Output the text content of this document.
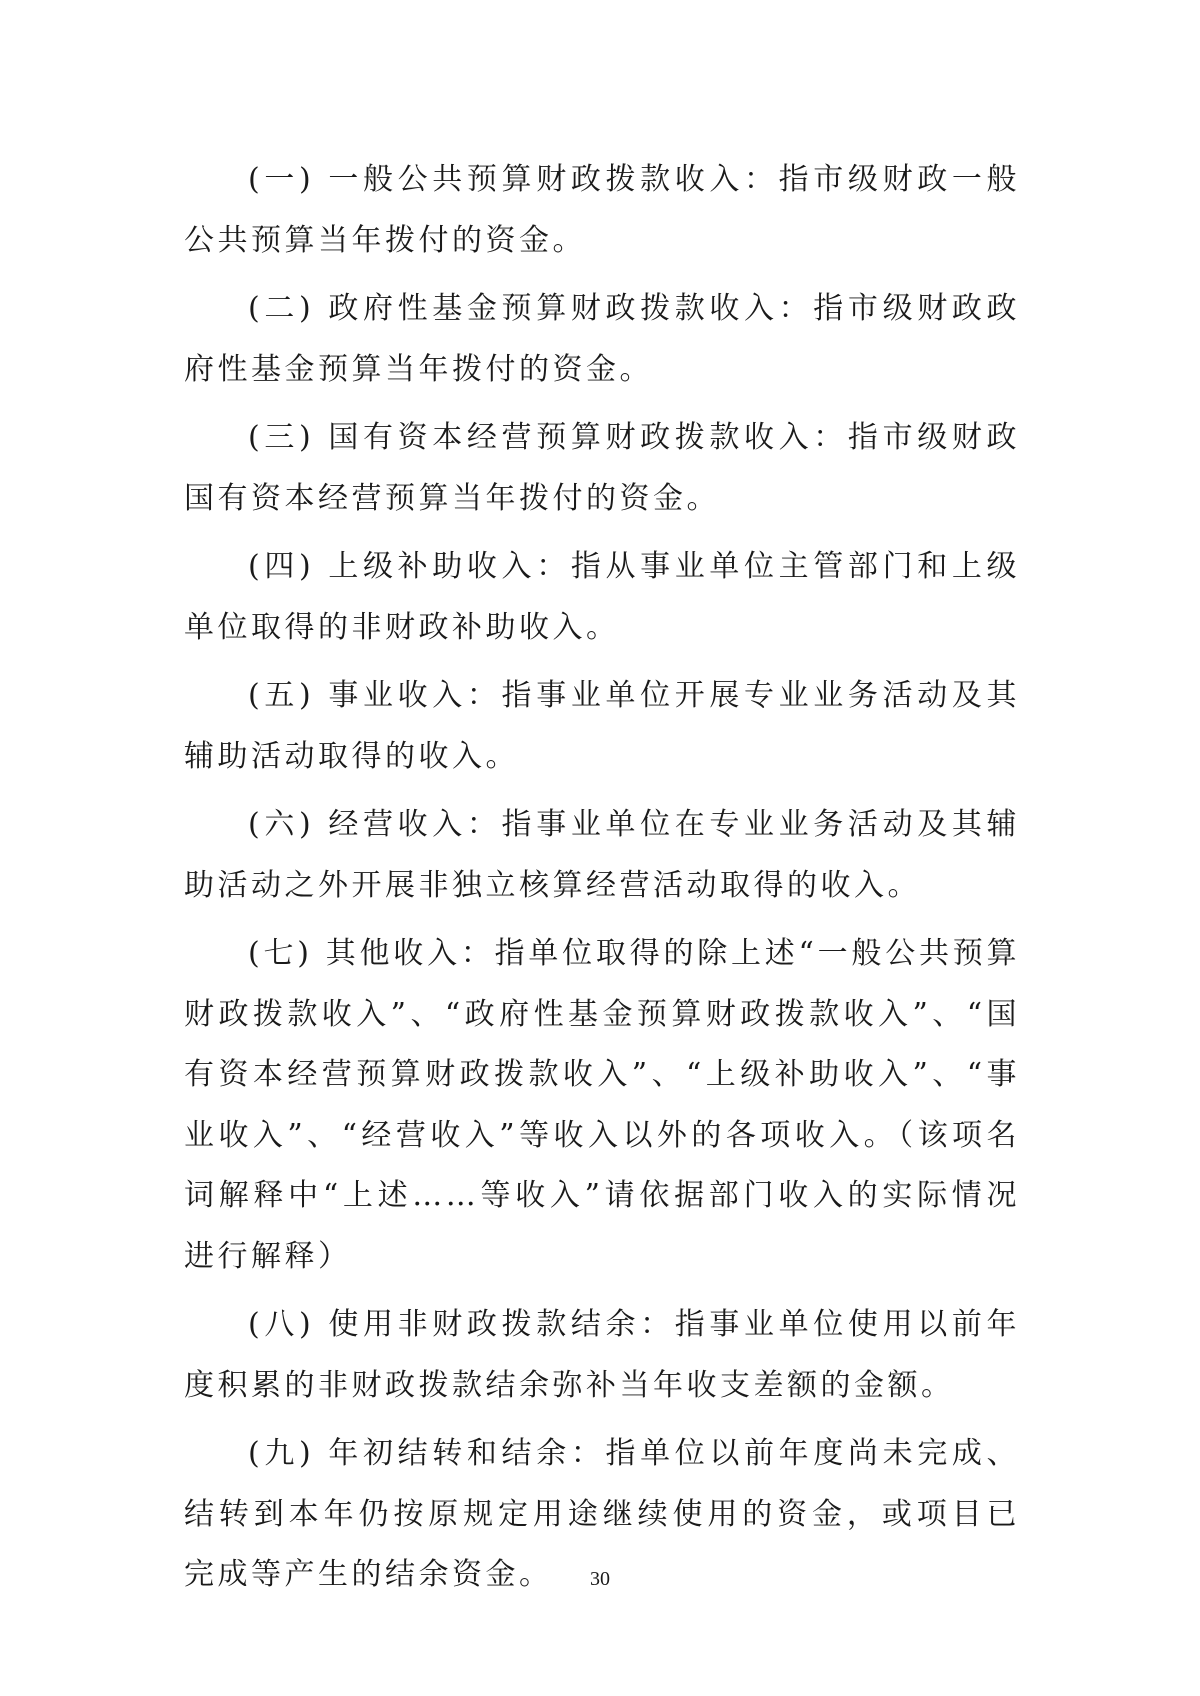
(一) 一般公共预算财政拨款收入：指市级财政一般公共预算当年拨付的资金。

(二) 政府性基金预算财政拨款收入：指市级财政政府性基金预算当年拨付的资金。

(三) 国有资本经营预算财政拨款收入：指市级财政国有资本经营预算当年拨付的资金。

(四) 上级补助收入：指从事业单位主管部门和上级单位取得的非财政补助收入。

(五) 事业收入：指事业单位开展专业业务活动及其辅助活动取得的收入。

(六) 经营收入：指事业单位在专业业务活动及其辅助活动之外开展非独立核算经营活动取得的收入。

(七) 其他收入：指单位取得的除上述“一般公共预算财政拨款收入”、“政府性基金预算财政拨款收入”、“国有资本经营预算财政拨款收入”、“上级补助收入”、“事业收入”、“经营收入”等收入以外的各项收入。（该项名词解释中“上述……等收入”请依据部门收入的实际情况进行解释）

(八) 使用非财政拨款结余：指事业单位使用以前年度积累的非财政拨款结余弥补当年收支差额的金额。

(九) 年初结转和结余：指单位以前年度尚未完成、结转到本年仍按原规定用途继续使用的资金，或项目已完成等产生的结余资金。	30
